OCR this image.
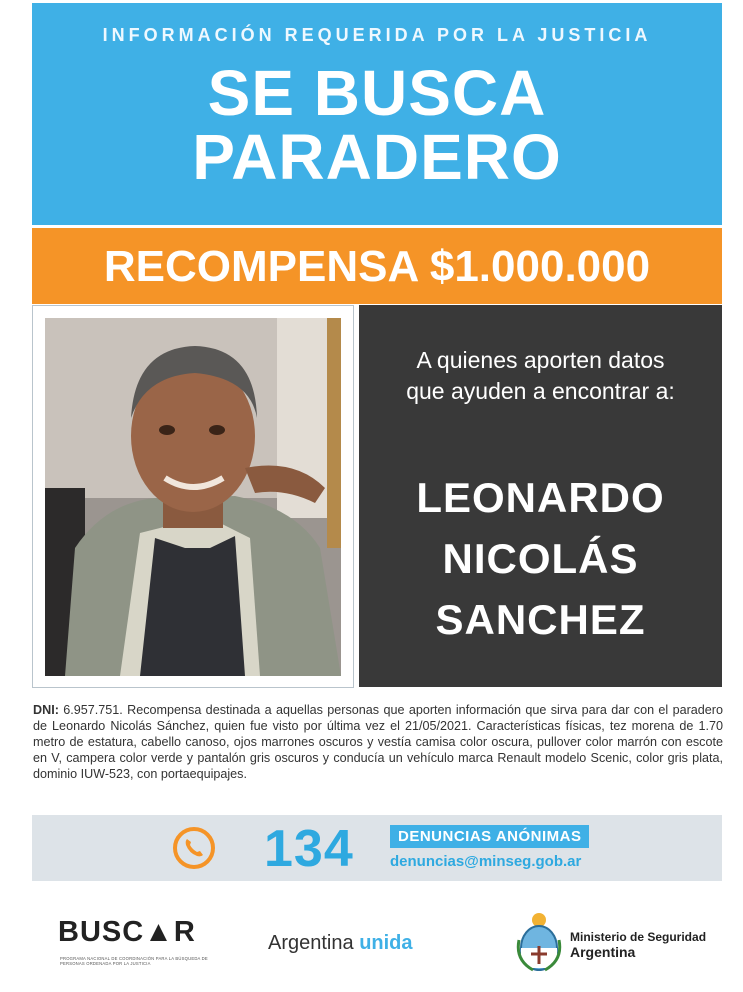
INFORMACIÓN REQUERIDA POR LA JUSTICIA
SE BUSCA
PARADERO
RECOMPENSA $1.000.000
A quienes aporten datos
que ayuden a encontrar a:
LEONARDO
NICOLÁS
SANCHEZ
DNI: 6.957.751. Recompensa destinada a aquellas personas que aporten información que sirva para dar con el paradero de Leonardo Nicolás Sánchez, quien fue visto por última vez el 21/05/2021. Características físicas, tez morena de 1.70 metro de estatura, cabello canoso, ojos marrones oscuros y vestía camisa color oscura, pullover color marrón con escote en V, campera color verde y pantalón gris oscuros y conducía un vehículo marca Renault modelo Scenic, color gris plata, dominio IUW-523, con portaequipajes.
134	DENUNCIAS ANÓNIMAS
denuncias@minseg.gob.ar
BUSC▲R
PROGRAMA NACIONAL DE COORDINACIÓN PARA LA BÚSQUEDA DE PERSONAS ORDENADA POR LA JUSTICIA
Argentina unida	Ministerio de Seguridad
Argentina
